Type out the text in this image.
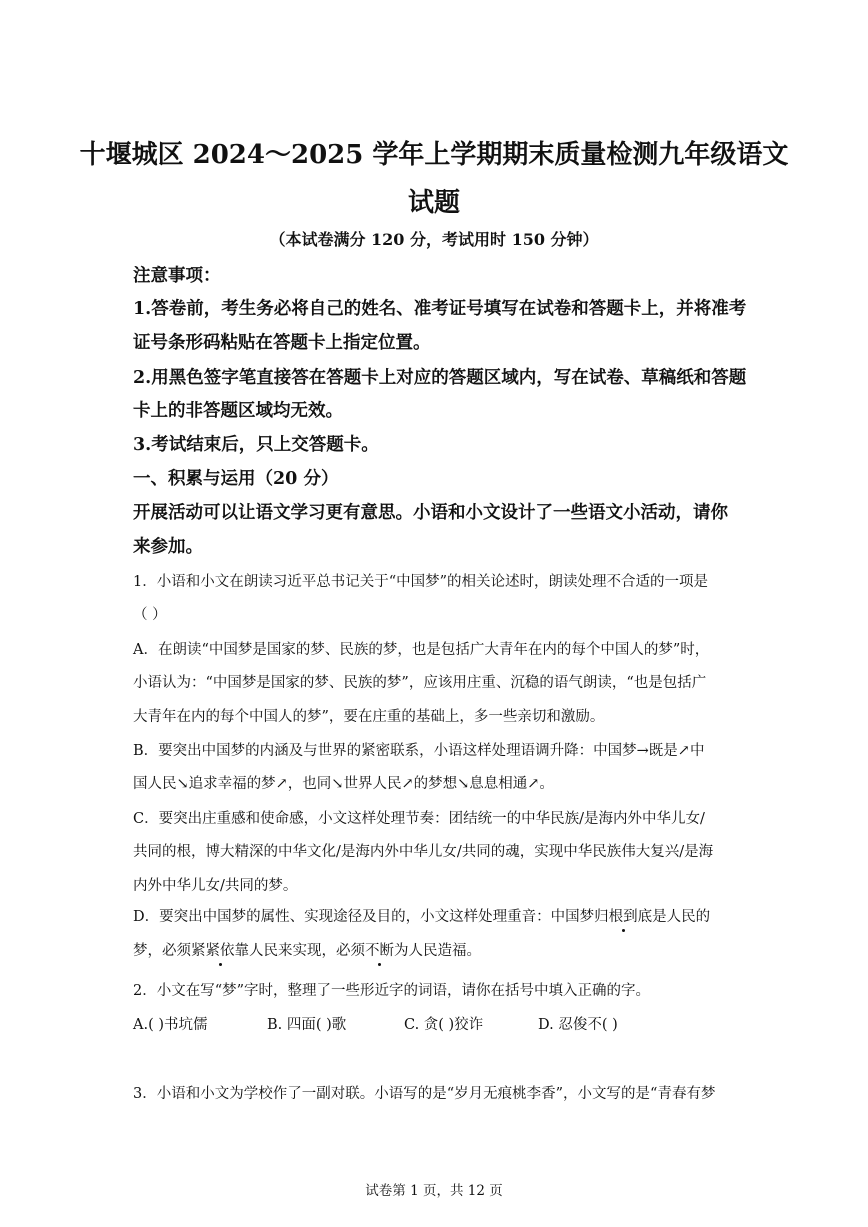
十堰城区 2024～2025 学年上学期期末质量检测九年级语文
试题
（本试卷满分 120 分，考试用时 150 分钟）
注意事项：
1.答卷前，考生务必将自己的姓名、准考证号填写在试卷和答题卡上，并将准考
证号条形码粘贴在答题卡上指定位置。
2.用黑色签字笔直接答在答题卡上对应的答题区域内，写在试卷、草稿纸和答题
卡上的非答题区域均无效。
3.考试结束后，只上交答题卡。
一、积累与运用（20 分）
开展活动可以让语文学习更有意思。小语和小文设计了一些语文小活动，请你
来参加。
1．小语和小文在朗读习近平总书记关于“中国梦”的相关论述时，朗读处理不合适的一项是
（ ）
A．在朗读“中国梦是国家的梦、民族的梦，也是包括广大青年在内的每个中国人的梦”时，
小语认为：“中国梦是国家的梦、民族的梦”，应该用庄重、沉稳的语气朗读，“也是包括广
大青年在内的每个中国人的梦”，要在庄重的基础上，多一些亲切和激励。
B．要突出中国梦的内涵及与世界的紧密联系，小语这样处理语调升降：中国梦→既是↗中
国人民↘追求幸福的梦↗，也同↘世界人民↗的梦想↘息息相通↗。
C．要突出庄重感和使命感，小文这样处理节奏：团结统一的中华民族/是海内外中华儿女/
共同的根，博大精深的中华文化/是海内外中华儿女/共同的魂，实现中华民族伟大复兴/是海
内外中华儿女/共同的梦。
D．要突出中国梦的属性、实现途径及目的，小文这样处理重音：中国梦归根到底是人民的
梦，必须紧紧依靠人民来实现，必须不断为人民造福。
2．小文在写“梦”字时，整理了一些形近字的词语，请你在括号中填入正确的字。
A.( )书坑儒	B. 四面( )歌	C. 贪( )狡诈	D. 忍俊不( )
3．小语和小文为学校作了一副对联。小语写的是“岁月无痕桃李香”，小文写的是“青春有梦
试卷第 1 页，共 12 页
